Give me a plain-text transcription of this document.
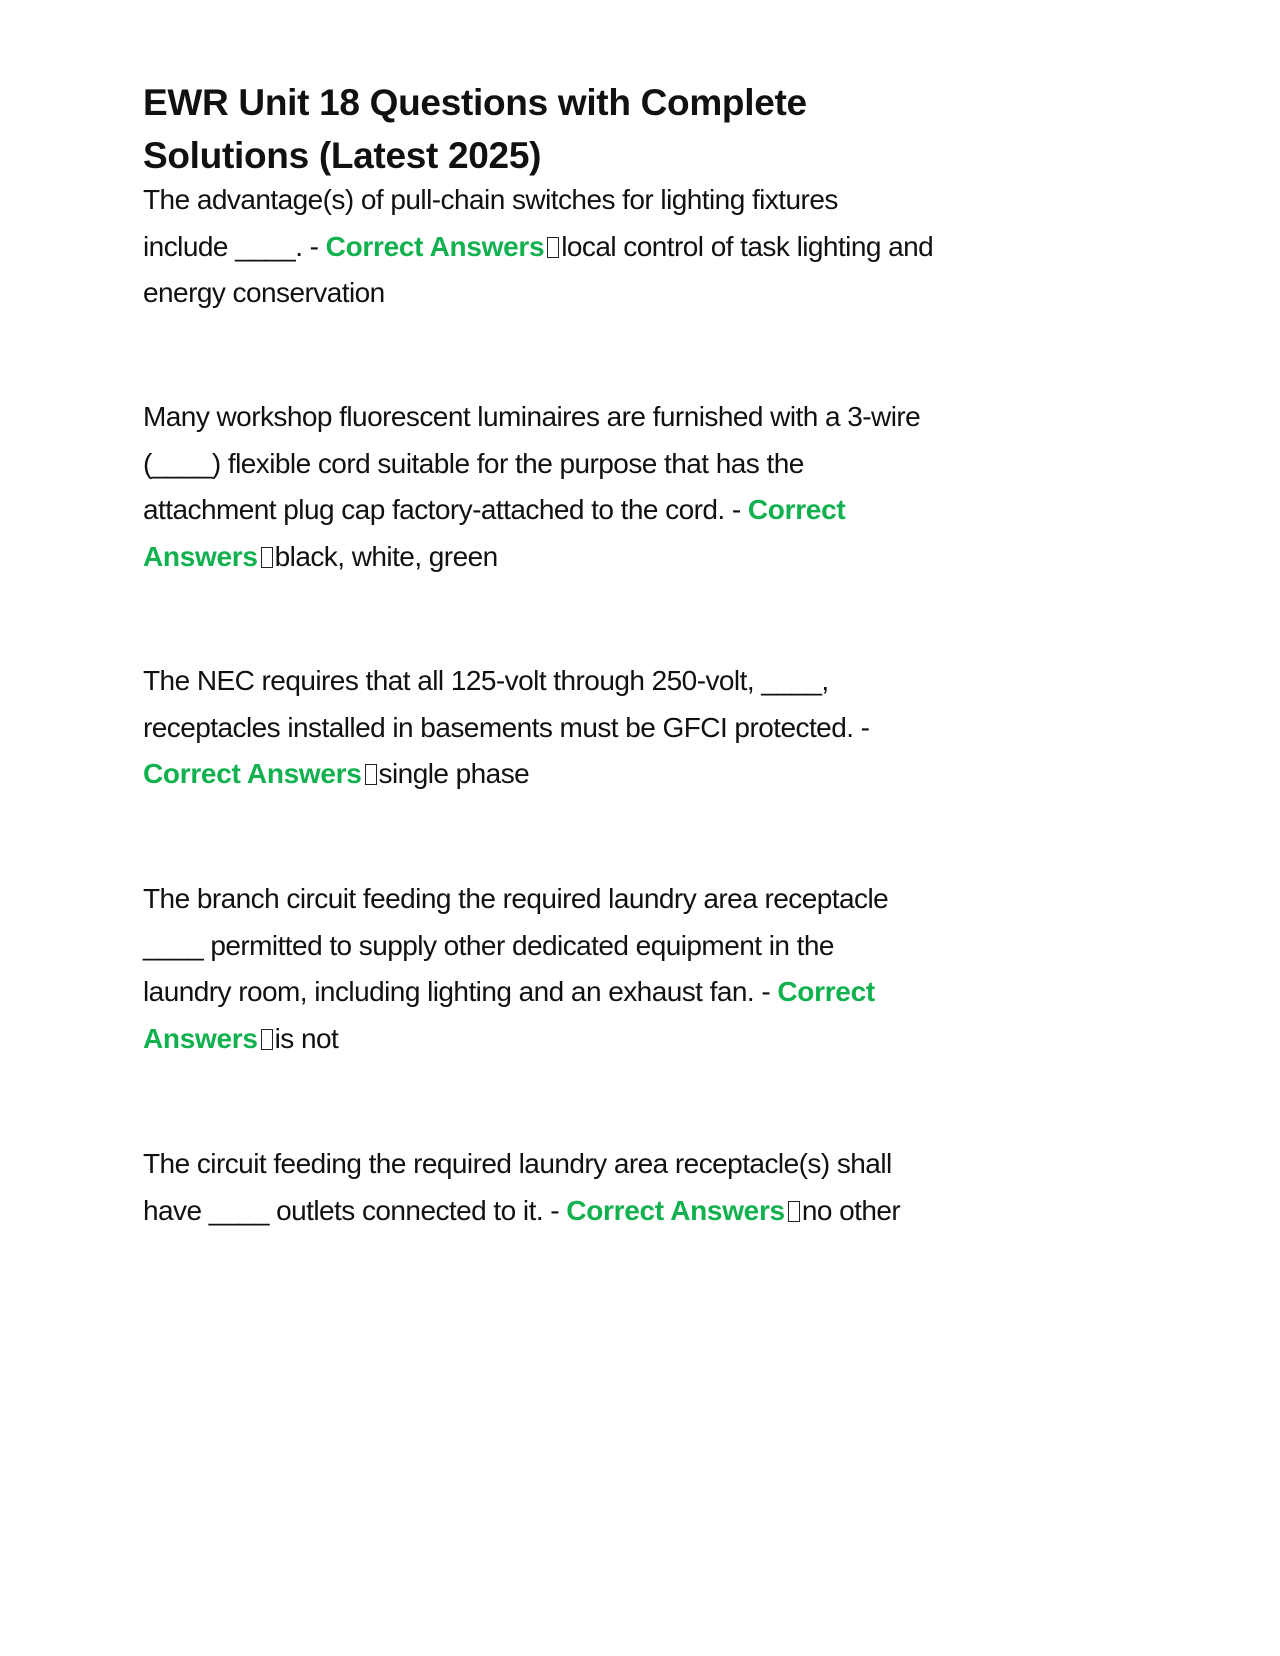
EWR Unit 18 Questions with Complete
Solutions (Latest 2025)

The advantage(s) of pull-chain switches for lighting fixtures
include ____. - Correct Answers local control of task lighting and
energy conservation

Many workshop fluorescent luminaires are furnished with a 3-wire
(____) flexible cord suitable for the purpose that has the
attachment plug cap factory-attached to the cord. - Correct
Answers black, white, green

The NEC requires that all 125-volt through 250-volt, ____,
receptacles installed in basements must be GFCI protected. -
Correct Answers single phase

The branch circuit feeding the required laundry area receptacle
____ permitted to supply other dedicated equipment in the
laundry room, including lighting and an exhaust fan. - Correct
Answers is not

The circuit feeding the required laundry area receptacle(s) shall
have ____ outlets connected to it. - Correct Answers no other
